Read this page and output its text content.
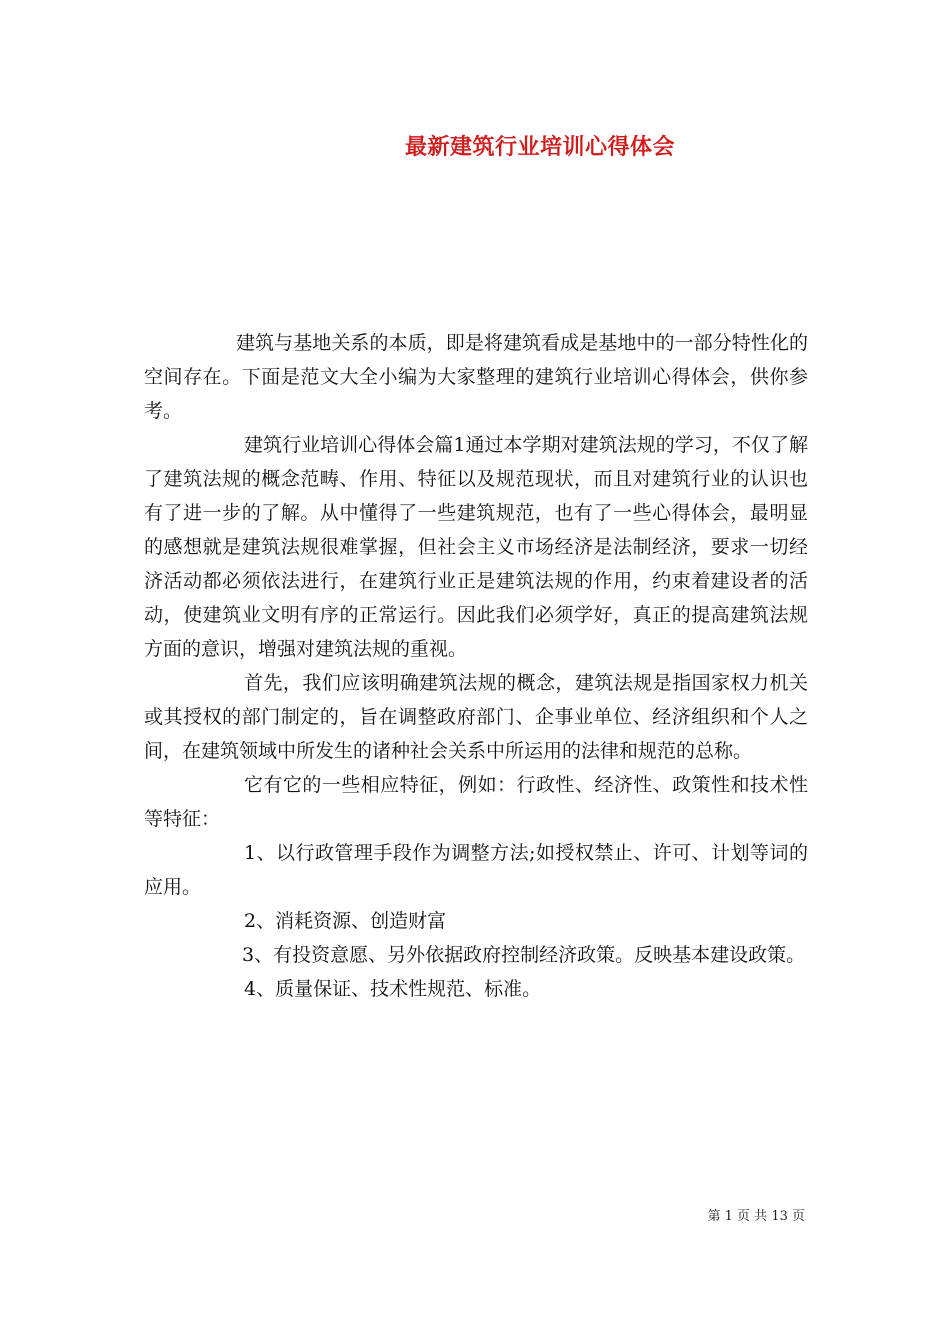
最新建筑行业培训心得体会

建筑与基地关系的本质，即是将建筑看成是基地中的一部分特性化的空间存在。下面是范文大全小编为大家整理的建筑行业培训心得体会，供你参考。

建筑行业培训心得体会篇1通过本学期对建筑法规的学习，不仅了解了建筑法规的概念范畴、作用、特征以及规范现状，而且对建筑行业的认识也有了进一步的了解。从中懂得了一些建筑规范，也有了一些心得体会，最明显的感想就是建筑法规很难掌握，但社会主义市场经济是法制经济，要求一切经济活动都必须依法进行，在建筑行业正是建筑法规的作用，约束着建设者的活动，使建筑业文明有序的正常运行。因此我们必须学好，真正的提高建筑法规方面的意识，增强对建筑法规的重视。

首先，我们应该明确建筑法规的概念，建筑法规是指国家权力机关或其授权的部门制定的，旨在调整政府部门、企事业单位、经济组织和个人之间，在建筑领域中所发生的诸种社会关系中所运用的法律和规范的总称。

它有它的一些相应特征，例如：行政性、经济性、政策性和技术性等特征：

1、以行政管理手段作为调整方法;如授权禁止、许可、计划等词的应用。

2、消耗资源、创造财富

3、有投资意愿、另外依据政府控制经济政策。反映基本建设政策。

4、质量保证、技术性规范、标准。

第 1 页 共 13 页
